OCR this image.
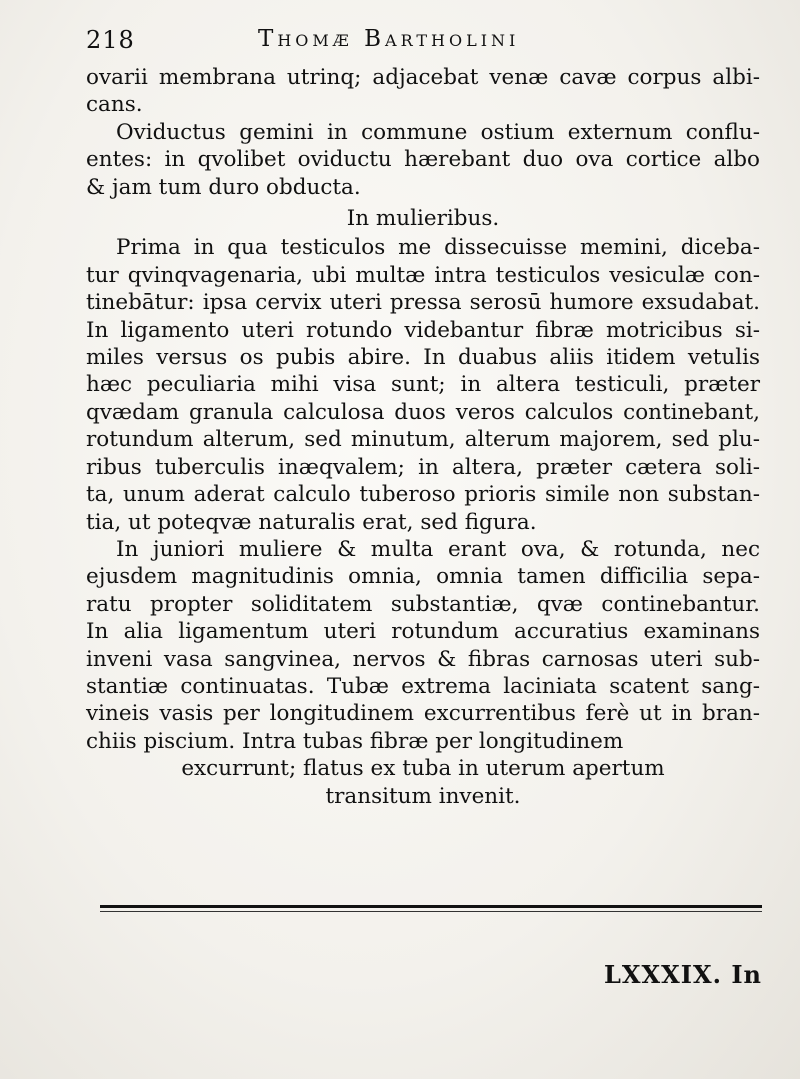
218	Thomæ Bartholini
ovarii membrana utrinq; adjacebat venæ cavæ corpus albi-
cans.
Oviductus gemini in commune ostium externum conflu-
entes: in qvolibet oviductu hærebant duo ova cortice albo
& jam tum duro obducta.
In mulieribus.
Prima in qua testiculos me dissecuisse memini, diceba-
tur qvinqvagenaria, ubi multæ intra testiculos vesiculæ con-
tinebātur: ipsa cervix uteri pressa serosū humore exsudabat.
In ligamento uteri rotundo videbantur fibræ motricibus si-
miles versus os pubis abire. In duabus aliis itidem vetulis
hæc peculiaria mihi visa sunt; in altera testiculi, præter
qvædam granula calculosa duos veros calculos continebant,
rotundum alterum, sed minutum, alterum majorem, sed plu-
ribus tuberculis inæqvalem; in altera, præter cætera soli-
ta, unum aderat calculo tuberoso prioris simile non substan-
tia, ut poteqvæ naturalis erat, sed figura.
In juniori muliere & multa erant ova, & rotunda, nec
ejusdem magnitudinis omnia, omnia tamen difficilia sepa-
ratu propter soliditatem substantiæ, qvæ continebantur.
In alia ligamentum uteri rotundum accuratius examinans
inveni vasa sangvinea, nervos & fibras carnosas uteri sub-
stantiæ continuatas. Tubæ extrema laciniata scatent sang-
vineis vasis per longitudinem excurrentibus ferè ut in bran-
chiis piscium. Intra tubas fibræ per longitudinem
excurrunt; flatus ex tuba in uterum apertum
transitum invenit.
LXXXIX. In
